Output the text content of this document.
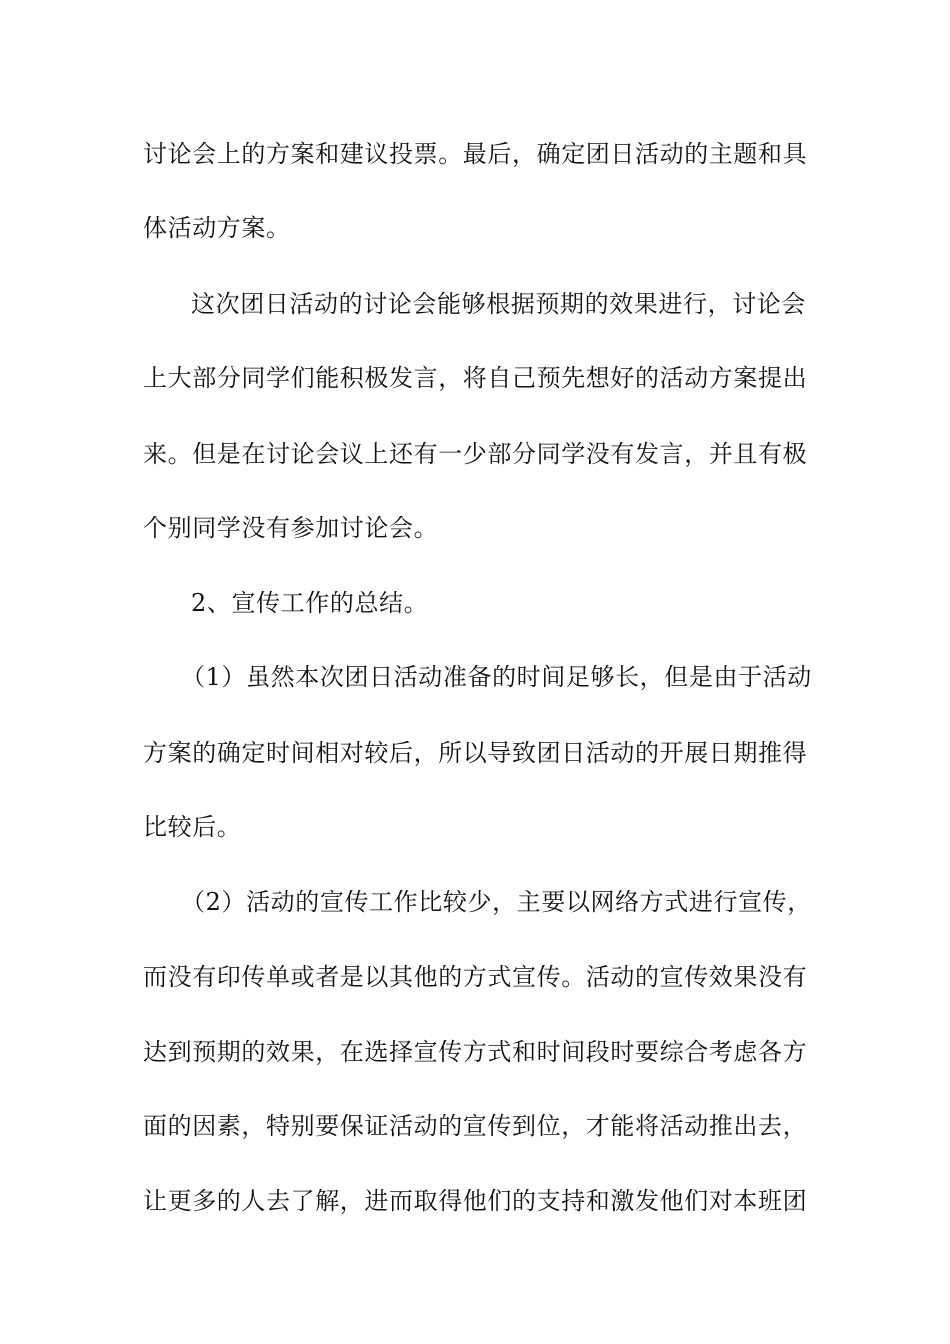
讨论会上的方案和建议投票。最后，确定团日活动的主题和具
体活动方案。
这次团日活动的讨论会能够根据预期的效果进行，讨论会
上大部分同学们能积极发言，将自己预先想好的活动方案提出
来。但是在讨论会议上还有一少部分同学没有发言，并且有极
个别同学没有参加讨论会。
2、宣传工作的总结。
（1）虽然本次团日活动准备的时间足够长，但是由于活动
方案的确定时间相对较后，所以导致团日活动的开展日期推得
比较后。
（2）活动的宣传工作比较少，主要以网络方式进行宣传，
而没有印传单或者是以其他的方式宣传。活动的宣传效果没有
达到预期的效果，在选择宣传方式和时间段时要综合考虑各方
面的因素，特别要保证活动的宣传到位，才能将活动推出去，
让更多的人去了解，进而取得他们的支持和激发他们对本班团
